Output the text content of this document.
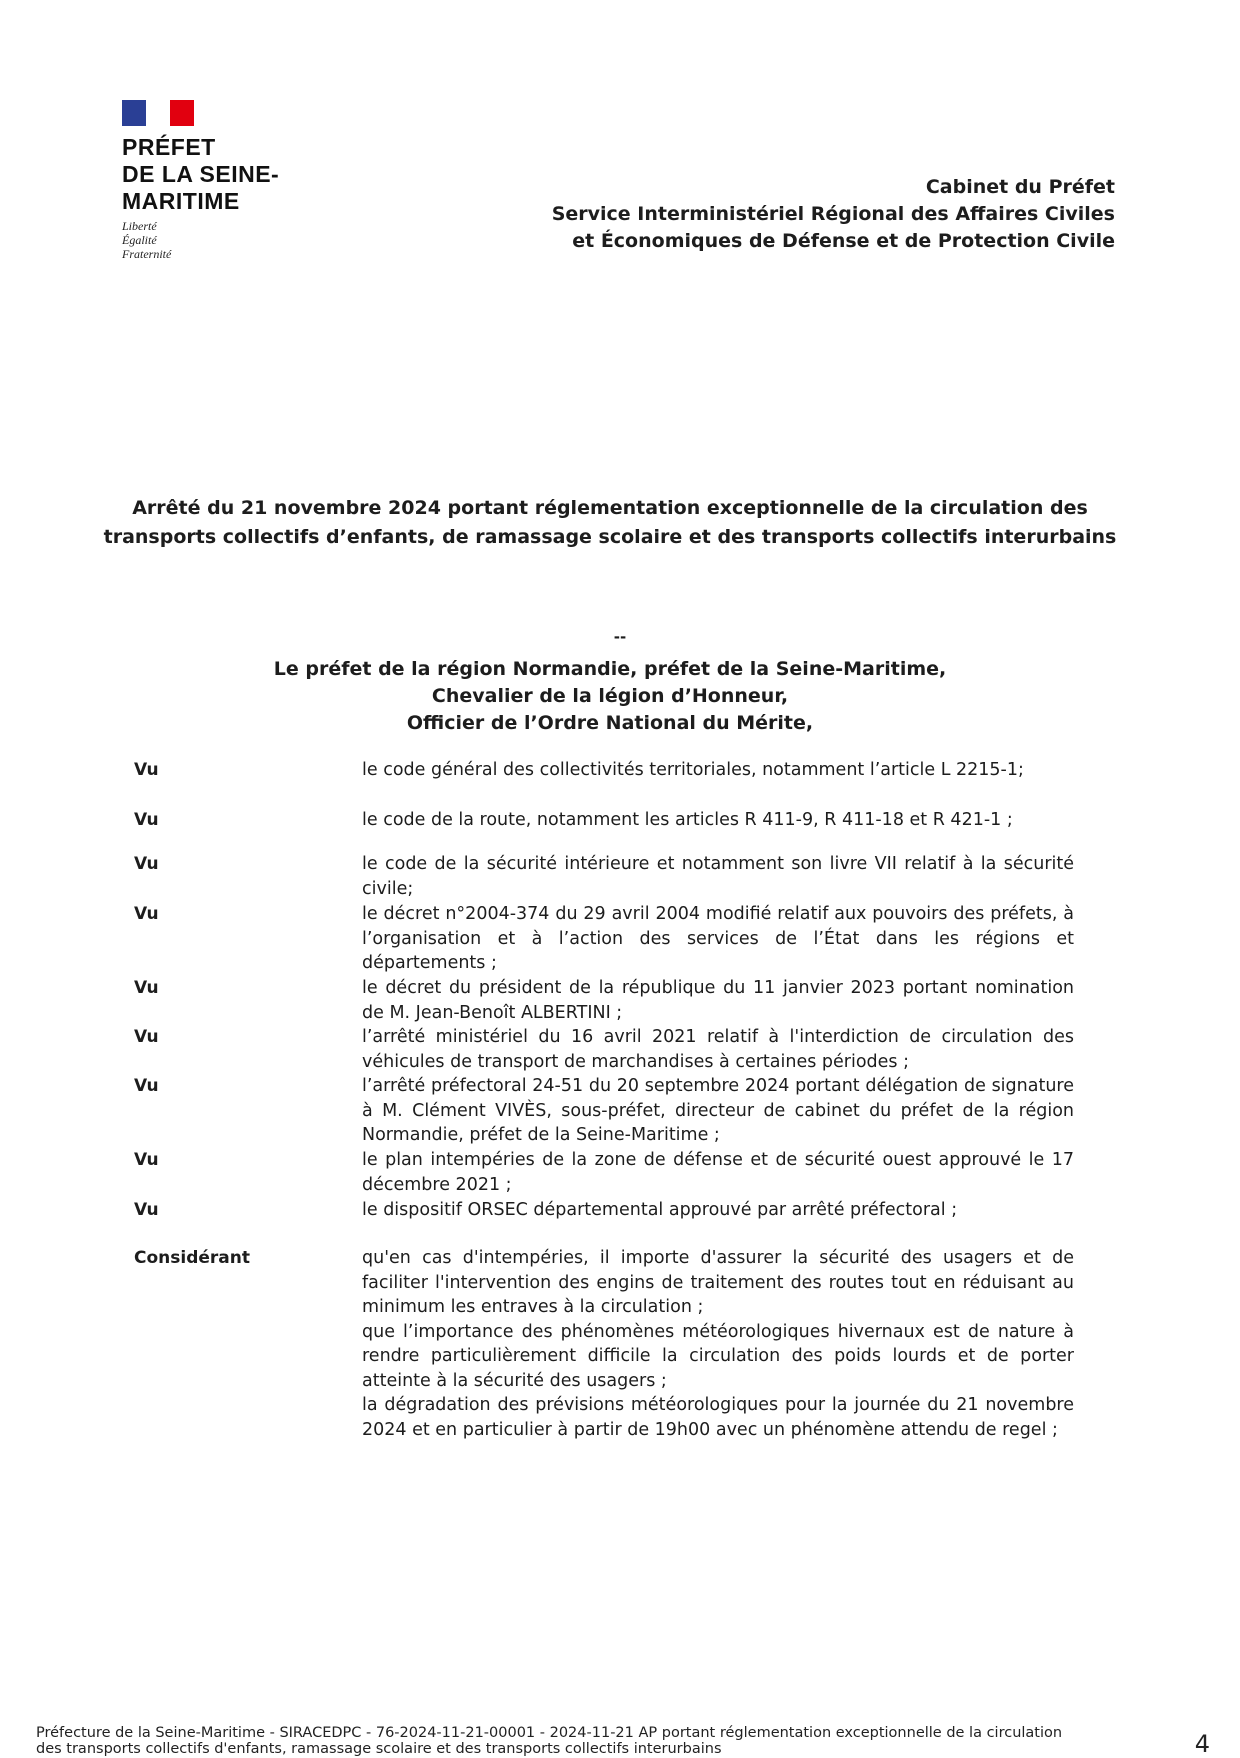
PRÉFET
DE LA SEINE-
MARITIME
Liberté
Égalité
Fraternité
Cabinet du Préfet
Service Interministériel Régional des Affaires Civiles
et Économiques de Défense et de Protection Civile
Arrêté du 21 novembre 2024 portant réglementation exceptionnelle de la circulation des
transports collectifs d’enfants, de ramassage scolaire et des transports collectifs interurbains
--
Le préfet de la région Normandie, préfet de la Seine-Maritime,
Chevalier de la légion d’Honneur,
Officier de l’Ordre National du Mérite,
Vu	le code général des collectivités territoriales, notamment l’article L 2215-1;

Vu	le code de la route, notamment les articles R 411-9, R 411-18 et R 421-1 ;

Vu	le code de la sécurité intérieure et notamment son livre VII relatif à la sécurité civile;

Vu	le décret n°2004-374 du 29 avril 2004 modifié relatif aux pouvoirs des préfets, à l’organisation et à l’action des services de l’État dans les régions et départements ;

Vu	le décret du président de la république du 11 janvier 2023 portant nomination de M. Jean-Benoît ALBERTINI ;

Vu	l’arrêté ministériel du 16 avril 2021 relatif à l'interdiction de circulation des véhicules de transport de marchandises à certaines périodes ;

Vu	l’arrêté préfectoral 24-51 du 20 septembre 2024 portant délégation de signature à M. Clément VIVÈS, sous-préfet, directeur de cabinet du préfet de la région Normandie, préfet de la Seine-Maritime ;

Vu	le plan intempéries de la zone de défense et de sécurité ouest approuvé le 17 décembre 2021 ;

Vu	le dispositif ORSEC départemental approuvé par arrêté préfectoral ;

Considérant	qu'en cas d'intempéries, il importe d'assurer la sécurité des usagers et de faciliter l'intervention des engins de traitement des routes tout en réduisant au minimum les entraves à la circulation ;

que l’importance des phénomènes météorologiques hivernaux est de nature à rendre particulièrement difficile la circulation des poids lourds et de porter atteinte à la sécurité des usagers ;

la dégradation des prévisions météorologiques pour la journée du 21 novembre 2024 et en particulier à partir de 19h00 avec un phénomène attendu de regel ;

Préfecture de la Seine-Maritime - SIRACEDPC - 76-2024-11-21-00001 - 2024-11-21 AP portant réglementation exceptionnelle de la circulation des transports collectifs d'enfants, ramassage scolaire et des transports collectifs interurbains	4
